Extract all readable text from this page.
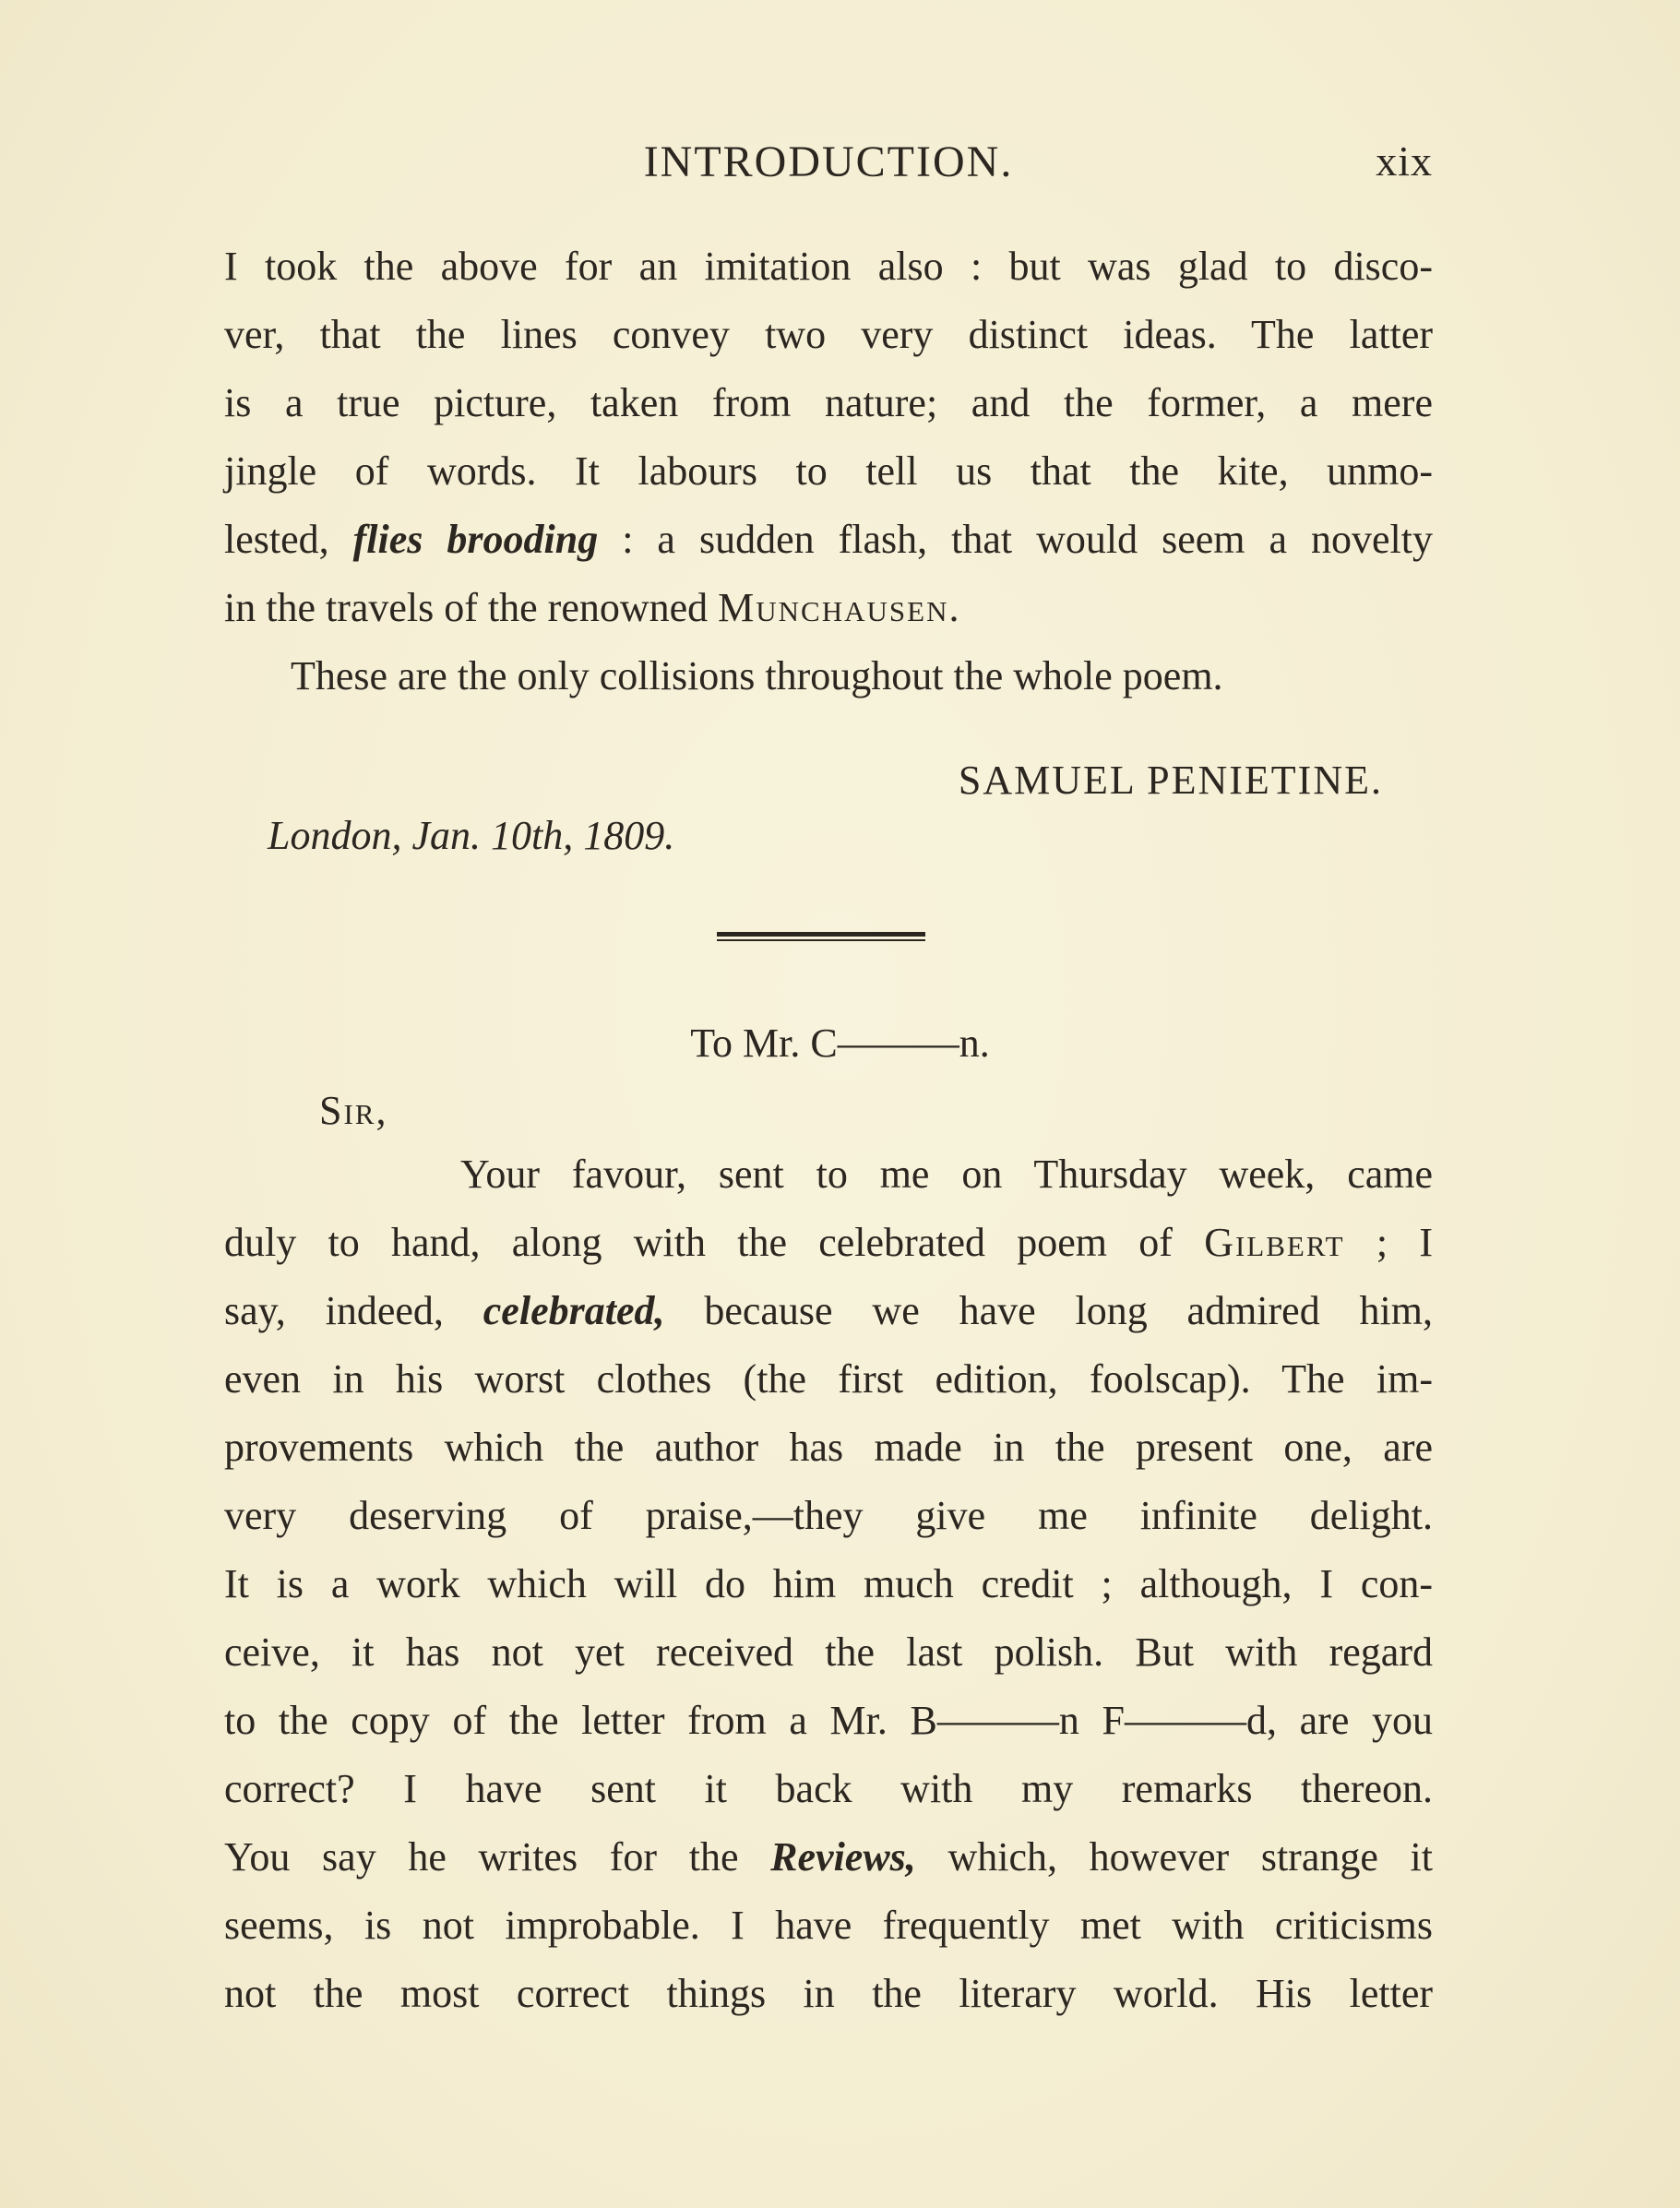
INTRODUCTION.	xix
I took the above for an imitation also : but was glad to disco-
ver, that the lines convey two very distinct ideas. The latter
is a true picture, taken from nature; and the former, a mere
jingle of words. It labours to tell us that the kite, unmo-
lested, flies brooding : a sudden flash, that would seem a novelty
in the travels of the renowned Munchausen.
These are the only collisions throughout the whole poem.
SAMUEL PENIETINE.
London, Jan. 10th, 1809.
To Mr. C———n.
Sir,
Your favour, sent to me on Thursday week, came
duly to hand, along with the celebrated poem of Gilbert ; I
say, indeed, celebrated, because we have long admired him,
even in his worst clothes (the first edition, foolscap). The im-
provements which the author has made in the present one, are
very deserving of praise,—they give me infinite delight.
It is a work which will do him much credit ; although, I con-
ceive, it has not yet received the last polish. But with regard
to the copy of the letter from a Mr. B———n F———d, are you
correct? I have sent it back with my remarks thereon.
You say he writes for the Reviews, which, however strange it
seems, is not improbable. I have frequently met with criticisms
not the most correct things in the literary world. His letter
